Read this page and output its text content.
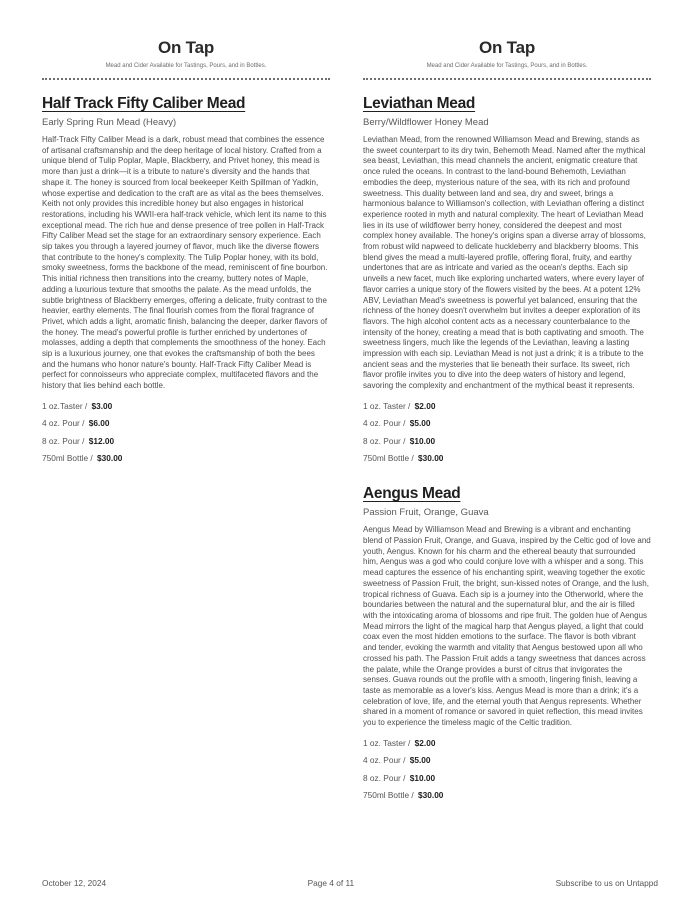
On Tap
Mead and Cider Available for Tastings, Pours, and in Bottles.
Half Track Fifty Caliber Mead
Early Spring Run Mead (Heavy)
Half-Track Fifty Caliber Mead is a dark, robust mead that combines the essence of artisanal craftsmanship and the deep heritage of local history. Crafted from a unique blend of Tulip Poplar, Maple, Blackberry, and Privet honey, this mead is more than just a drink—it is a tribute to nature's diversity and the hands that shape it. The honey is sourced from local beekeeper Keith Spillman of Yadkin, whose expertise and dedication to the craft are as vital as the bees themselves. Keith not only provides this incredible honey but also engages in historical restorations, including his WWII-era half-track vehicle, which lent its name to this exceptional mead. The rich hue and dense presence of tree pollen in Half-Track Fifty Caliber Mead set the stage for an extraordinary sensory experience. Each sip takes you through a layered journey of flavor, much like the diverse flowers that contribute to the honey's complexity. The Tulip Poplar honey, with its bold, smoky sweetness, forms the backbone of the mead, reminiscent of fine bourbon. This initial richness then transitions into the creamy, buttery notes of Maple, adding a luxurious texture that smooths the palate. As the mead unfolds, the subtle brightness of Blackberry emerges, offering a delicate, fruity contrast to the heavier, earthy elements. The final flourish comes from the floral fragrance of Privet, which adds a light, aromatic finish, balancing the deeper, darker flavors of the honey. The mead's powerful profile is further enriched by undertones of molasses, adding a depth that complements the smoothness of the honey. Each sip is a luxurious journey, one that evokes the craftsmanship of both the bees and the humans who honor nature's bounty. Half-Track Fifty Caliber Mead is perfect for connoisseurs who appreciate complex, multifaceted flavors and the history that lies behind each bottle.
1 oz.Taster / $3.00
4 oz. Pour / $6.00
8 oz. Pour / $12.00
750ml Bottle / $30.00
On Tap
Mead and Cider Available for Tastings, Pours, and in Bottles.
Leviathan Mead
Berry/Wildflower Honey Mead
Leviathan Mead, from the renowned Williamson Mead and Brewing, stands as the sweet counterpart to its dry twin, Behemoth Mead. Named after the mythical sea beast, Leviathan, this mead channels the ancient, enigmatic creature that once ruled the oceans. In contrast to the land-bound Behemoth, Leviathan embodies the deep, mysterious nature of the sea, with its rich and profound sweetness. This duality between land and sea, dry and sweet, brings a harmonious balance to Williamson's collection, with Leviathan offering a distinct experience rooted in myth and natural complexity. The heart of Leviathan Mead lies in its use of wildflower berry honey, considered the deepest and most complex honey available. The honey's origins span a diverse array of blossoms, from robust wild napweed to delicate huckleberry and blackberry blooms. This blend gives the mead a multi-layered profile, offering floral, fruity, and earthy undertones that are as intricate and varied as the ocean's depths. Each sip unveils a new facet, much like exploring uncharted waters, where every layer of flavor carries a unique story of the flowers visited by the bees. At a potent 12% ABV, Leviathan Mead's sweetness is powerful yet balanced, ensuring that the richness of the honey doesn't overwhelm but invites a deeper exploration of its flavors. The high alcohol content acts as a necessary counterbalance to the intensity of the honey, creating a mead that is both captivating and smooth. The sweetness lingers, much like the legends of the Leviathan, leaving a lasting impression with each sip. Leviathan Mead is not just a drink; it is a tribute to the ancient seas and the mysteries that lie beneath their surface. Its sweet, rich flavor profile invites you to dive into the deep waters of history and legend, savoring the complexity and enchantment of the mythical beast it represents.
1 oz. Taster / $2.00
4 oz. Pour / $5.00
8 oz. Pour / $10.00
750ml Bottle / $30.00
Aengus Mead
Passion Fruit, Orange, Guava
Aengus Mead by Williamson Mead and Brewing is a vibrant and enchanting blend of Passion Fruit, Orange, and Guava, inspired by the Celtic god of love and youth, Aengus. Known for his charm and the ethereal beauty that surrounded him, Aengus was a god who could conjure love with a whisper and a song. This mead captures the essence of his enchanting spirit, weaving together the exotic sweetness of Passion Fruit, the bright, sun-kissed notes of Orange, and the lush, tropical richness of Guava. Each sip is a journey into the Otherworld, where the boundaries between the natural and the supernatural blur, and the air is filled with the intoxicating aroma of blossoms and ripe fruit. The golden hue of Aengus Mead mirrors the light of the magical harp that Aengus played, a light that could coax even the most hidden emotions to the surface. The flavor is both vibrant and tender, evoking the warmth and vitality that Aengus bestowed upon all who crossed his path. The Passion Fruit adds a tangy sweetness that dances across the palate, while the Orange provides a burst of citrus that invigorates the senses. Guava rounds out the profile with a smooth, lingering finish, leaving a taste as memorable as a lover's kiss. Aengus Mead is more than a drink; it's a celebration of love, life, and the eternal youth that Aengus represents. Whether shared in a moment of romance or savored in quiet reflection, this mead invites you to experience the timeless magic of the Celtic tradition.
1 oz. Taster / $2.00
4 oz. Pour / $5.00
8 oz. Pour / $10.00
750ml Bottle / $30.00
October 12, 2024	Page 4 of 11	Subscribe to us on Untappd
